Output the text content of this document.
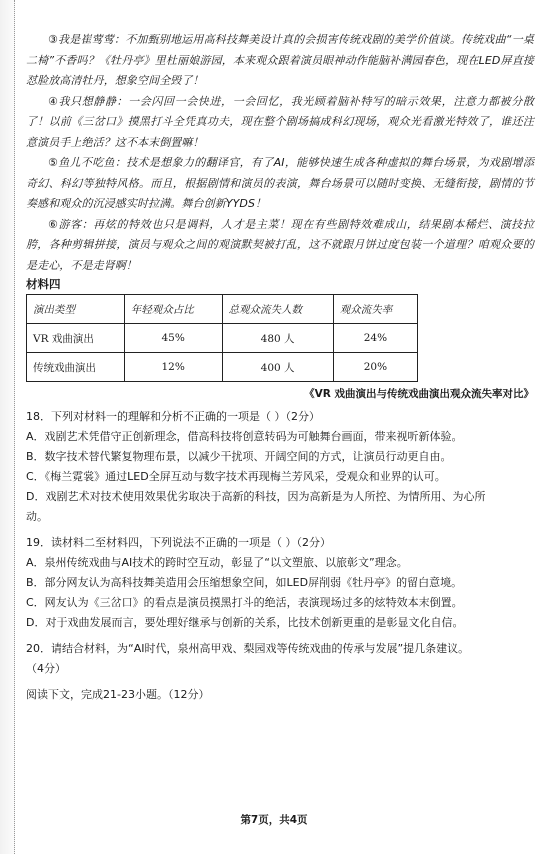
③我是崔莺莺：不加甄别地运用高科技舞美设计真的会损害传统戏剧的美学价值谈。传统戏曲“一桌二椅”不香吗？《牡丹亭》里杜丽娘游园，本来观众跟着演员眼神动作能脑补满园春色，现在LED屏直接怼脸放高清牡丹，想象空间全毁了！

④我只想静静：一会闪回一会快进，一会回忆，我光顾着脑补特写的暗示效果，注意力都被分散了！以前《三岔口》摸黑打斗全凭真功夫，现在整个剧场搞成科幻现场，观众光看激光特效了，谁还注意演员手上绝活？这不本末倒置嘛！

⑤鱼儿不吃鱼：技术是想象力的翻译官，有了AI，能够快速生成各种虚拟的舞台场景，为戏剧增添奇幻、科幻等独特风格。而且，根据剧情和演员的表演，舞台场景可以随时变换、无缝衔接，剧情的节奏感和观众的沉浸感实时拉满。舞台创新YYDS！

⑥游客：再炫的特效也只是调料，人才是主菜！现在有些剧特效难成山，结果剧本稀烂、演技拉胯，各种剪辑拼接，演员与观众之间的观演默契被打乱，这不就跟月饼过度包装一个道理？咱观众要的是走心，不是走肾啊！

材料四

演出类型	年轻观众占比	总观众流失人数	观众流失率
VR 戏曲演出	45%	480 人	24%
传统戏曲演出	12%	400 人	20%

《VR 戏曲演出与传统戏曲演出观众流失率对比》

18．下列对材料一的理解和分析不正确的一项是（ ）（2分）

A．戏剧艺术凭借守正创新理念，借高科技将创意转码为可触舞台画面，带来视听新体验。

B．数字技术替代繁复物理布景，以减少干扰项、开阔空间的方式，让演员行动更自由。

C．《梅兰霓裳》通过LED全屏互动与数字技术再现梅兰芳风采，受观众和业界的认可。

D．戏剧艺术对技术使用效果优劣取决于高新的科技，因为高新是为人所控、为情所用、为心所

动。

19．读材料二至材料四，下列说法不正确的一项是（ ）（2分）

A．泉州传统戏曲与AI技术的跨时空互动，彰显了“以文塑旅、以旅彰文”理念。

B．部分网友认为高科技舞美造用会压缩想象空间，如LED屏削弱《牡丹亭》的留白意境。

C．网友认为《三岔口》的看点是演员摸黑打斗的绝活，表演现场过多的炫特效本末倒置。

D．对于戏曲发展而言，要处理好继承与创新的关系，比技术创新更重的是彰显文化自信。

20．请结合材料，为“AI时代，泉州高甲戏、梨园戏等传统戏曲的传承与发展”提几条建议。

（4分）

阅读下文，完成21-23小题。（12分）

第7页，共4页
